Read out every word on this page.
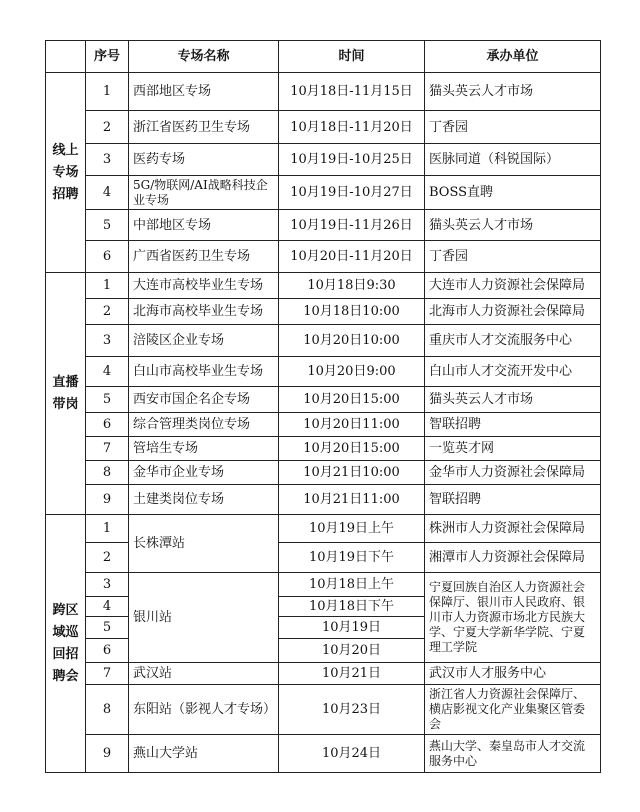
	序号	专场名称	时间	承办单位
线上专场招聘	1	西部地区专场	10月18日-11月15日	猫头英云人才市场
	2	浙江省医药卫生专场	10月18日-11月20日	丁香园
	3	医药专场	10月19日-10月25日	医脉同道（科锐国际）
	4	5G/物联网/AI战略科技企业专场	10月19日-10月27日	BOSS直聘
	5	中部地区专场	10月19日-11月26日	猫头英云人才市场
	6	广西省医药卫生专场	10月20日-11月20日	丁香园
直播带岗	1	大连市高校毕业生专场	10月18日9:30	大连市人力资源社会保障局
	2	北海市高校毕业生专场	10月18日10:00	北海市人力资源社会保障局
	3	涪陵区企业专场	10月20日10:00	重庆市人才交流服务中心
	4	白山市高校毕业生专场	10月20日9:00	白山市人才交流开发中心
	5	西安市国企名企专场	10月20日15:00	猫头英云人才市场
	6	综合管理类岗位专场	10月20日11:00	智联招聘
	7	管培生专场	10月20日15:00	一览英才网
	8	金华市企业专场	10月21日10:00	金华市人力资源社会保障局
	9	土建类岗位专场	10月21日11:00	智联招聘
跨区域巡回招聘会	1	长株潭站	10月19日上午	株洲市人力资源社会保障局
	2		10月19日下午	湘潭市人力资源社会保障局
	3	银川站	10月18日上午	宁夏回族自治区人力资源社会保障厅、银川市人民政府、银川市人力资源市场北方民族大学、宁夏大学新华学院、宁夏理工学院
	4		10月18日下午	
	5		10月19日	
	6		10月20日	
	7	武汉站	10月21日	武汉市人才服务中心
	8	东阳站（影视人才专场）	10月23日	浙江省人力资源社会保障厅、横店影视文化产业集聚区管委会
	9	燕山大学站	10月24日	燕山大学、秦皇岛市人才交流服务中心
